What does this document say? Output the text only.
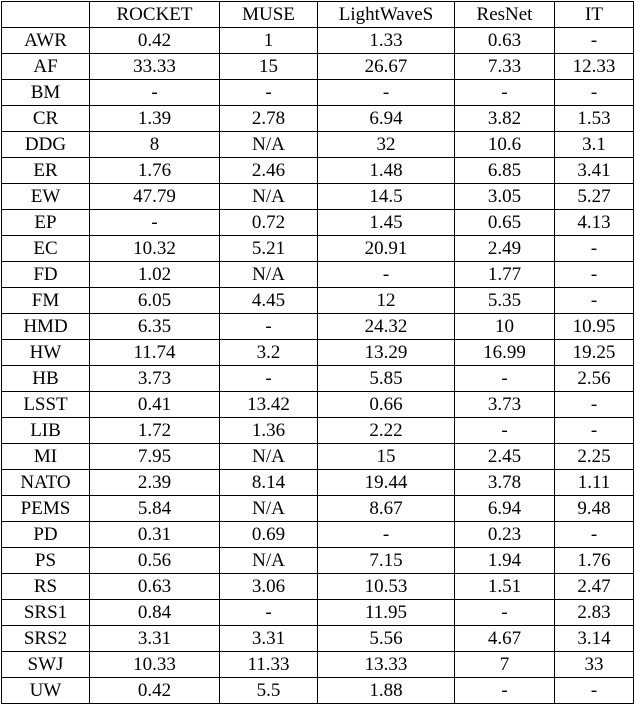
	ROCKET	MUSE	LightWaveS	ResNet	IT
AWR	0.42	1	1.33	0.63	-
AF	33.33	15	26.67	7.33	12.33
BM	-	-	-	-	-
CR	1.39	2.78	6.94	3.82	1.53
DDG	8	N/A	32	10.6	3.1
ER	1.76	2.46	1.48	6.85	3.41
EW	47.79	N/A	14.5	3.05	5.27
EP	-	0.72	1.45	0.65	4.13
EC	10.32	5.21	20.91	2.49	-
FD	1.02	N/A	-	1.77	-
FM	6.05	4.45	12	5.35	-
HMD	6.35	-	24.32	10	10.95
HW	11.74	3.2	13.29	16.99	19.25
HB	3.73	-	5.85	-	2.56
LSST	0.41	13.42	0.66	3.73	-
LIB	1.72	1.36	2.22	-	-
MI	7.95	N/A	15	2.45	2.25
NATO	2.39	8.14	19.44	3.78	1.11
PEMS	5.84	N/A	8.67	6.94	9.48
PD	0.31	0.69	-	0.23	-
PS	0.56	N/A	7.15	1.94	1.76
RS	0.63	3.06	10.53	1.51	2.47
SRS1	0.84	-	11.95	-	2.83
SRS2	3.31	3.31	5.56	4.67	3.14
SWJ	10.33	11.33	13.33	7	33
UW	0.42	5.5	1.88	-	-
